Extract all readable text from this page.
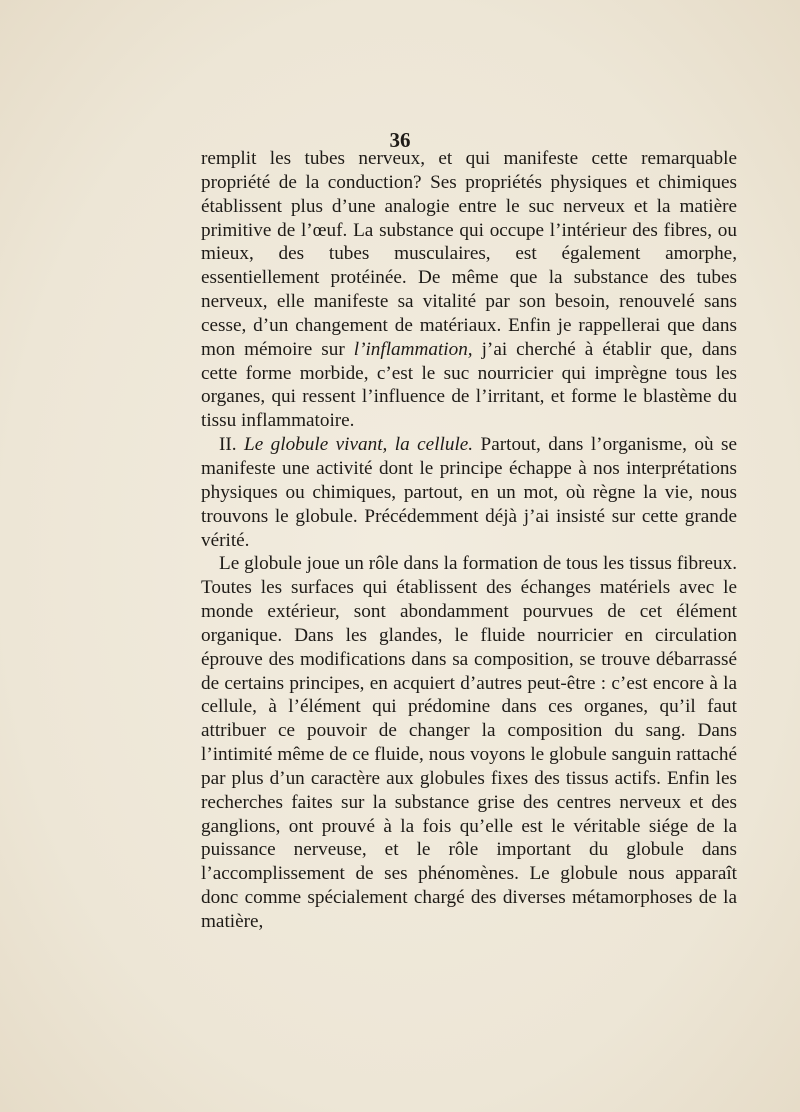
36

remplit les tubes nerveux, et qui manifeste cette remarquable propriété de la conduction? Ses propriétés physiques et chimiques établissent plus d’une analogie entre le suc nerveux et la matière primitive de l’œuf. La substance qui occupe l’intérieur des fibres, ou mieux, des tubes musculaires, est également amorphe, essentiellement protéinée. De même que la substance des tubes nerveux, elle manifeste sa vitalité par son besoin, renouvelé sans cesse, d’un changement de matériaux. Enfin je rappellerai que dans mon mémoire sur l’inflammation, j’ai cherché à établir que, dans cette forme morbide, c’est le suc nourricier qui imprègne tous les organes, qui ressent l’influence de l’irritant, et forme le blastème du tissu inflammatoire.

II. Le globule vivant, la cellule. Partout, dans l’organisme, où se manifeste une activité dont le principe échappe à nos interprétations physiques ou chimiques, partout, en un mot, où règne la vie, nous trouvons le globule. Précédemment déjà j’ai insisté sur cette grande vérité.

Le globule joue un rôle dans la formation de tous les tissus fibreux. Toutes les surfaces qui établissent des échanges matériels avec le monde extérieur, sont abondamment pourvues de cet élément organique. Dans les glandes, le fluide nourricier en circulation éprouve des modifications dans sa composition, se trouve débarrassé de certains principes, en acquiert d’autres peut-être : c’est encore à la cellule, à l’élément qui prédomine dans ces organes, qu’il faut attribuer ce pouvoir de changer la composition du sang. Dans l’intimité même de ce fluide, nous voyons le globule sanguin rattaché par plus d’un caractère aux globules fixes des tissus actifs. Enfin les recherches faites sur la substance grise des centres nerveux et des ganglions, ont prouvé à la fois qu’elle est le véritable siége de la puissance nerveuse, et le rôle important du globule dans l’accomplissement de ses phénomènes. Le globule nous apparaît donc comme spécialement chargé des diverses métamorphoses de la matière,
